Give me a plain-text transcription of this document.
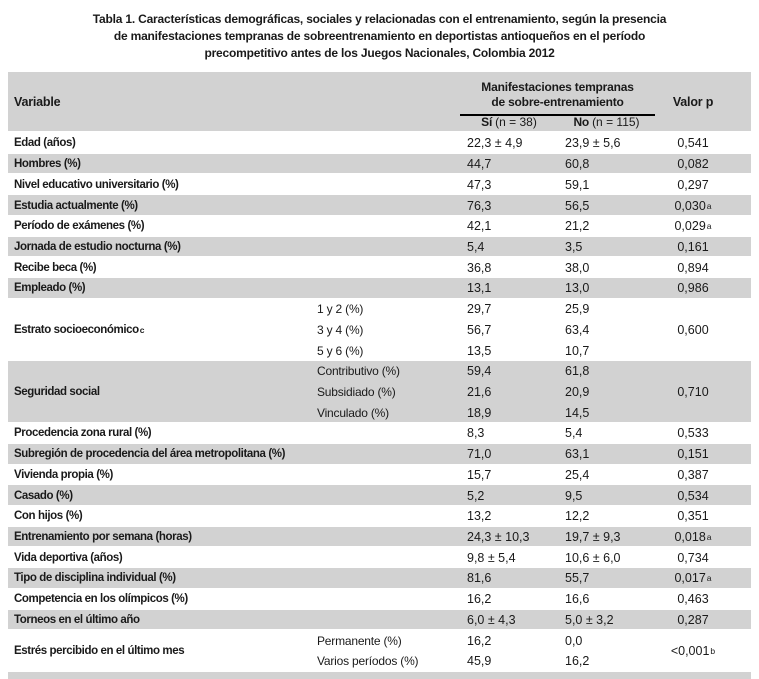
Tabla 1. Características demográficas, sociales y relacionadas con el entrenamiento, según la presencia
de manifestaciones tempranas de sobreentrenamiento en deportistas antioqueños en el período
precompetitivo antes de los Juegos Nacionales, Colombia 2012
Variable
Manifestaciones tempranas de sobre-entrenamiento
Sí (n = 38)	No (n = 115)
Valor p
Edad (años)	22,3 ± 4,9	23,9 ± 5,6	0,541
Hombres (%)	44,7	60,8	0,082
Nivel educativo universitario (%)	47,3	59,1	0,297
Estudia actualmente (%)	76,3	56,5	0,030 a
Período de exámenes (%)	42,1	21,2	0,029 a
Jornada de estudio nocturna (%)	5,4	3,5	0,161
Recibe beca (%)	36,8	38,0	0,894
Empleado (%)	13,1	13,0	0,986
Estrato socioeconómico c
1 y 2 (%)	29,7	25,9
3 y 4 (%)	56,7	63,4
5 y 6 (%)	13,5	10,7
0,600
Seguridad social
Contributivo (%)	59,4	61,8
Subsidiado (%)	21,6	20,9
Vinculado (%)	18,9	14,5
0,710
Procedencia zona rural (%)	8,3	5,4	0,533
Subregión de procedencia del área metropolitana (%)	71,0	63,1	0,151
Vivienda propia (%)	15,7	25,4	0,387
Casado (%)	5,2	9,5	0,534
Con hijos (%)	13,2	12,2	0,351
Entrenamiento por semana (horas)	24,3 ± 10,3	19,7 ± 9,3	0,018 a
Vida deportiva (años)	9,8 ± 5,4	10,6 ± 6,0	0,734
Tipo de disciplina individual (%)	81,6	55,7	0,017 a
Competencia en los olímpicos (%)	16,2	16,6	0,463
Torneos en el último año	6,0 ± 4,3	5,0 ± 3,2	0,287
Estrés percibido en el último mes
Permanente (%)	16,2	0,0
Varios períodos (%)	45,9	16,2
<0,001 b
